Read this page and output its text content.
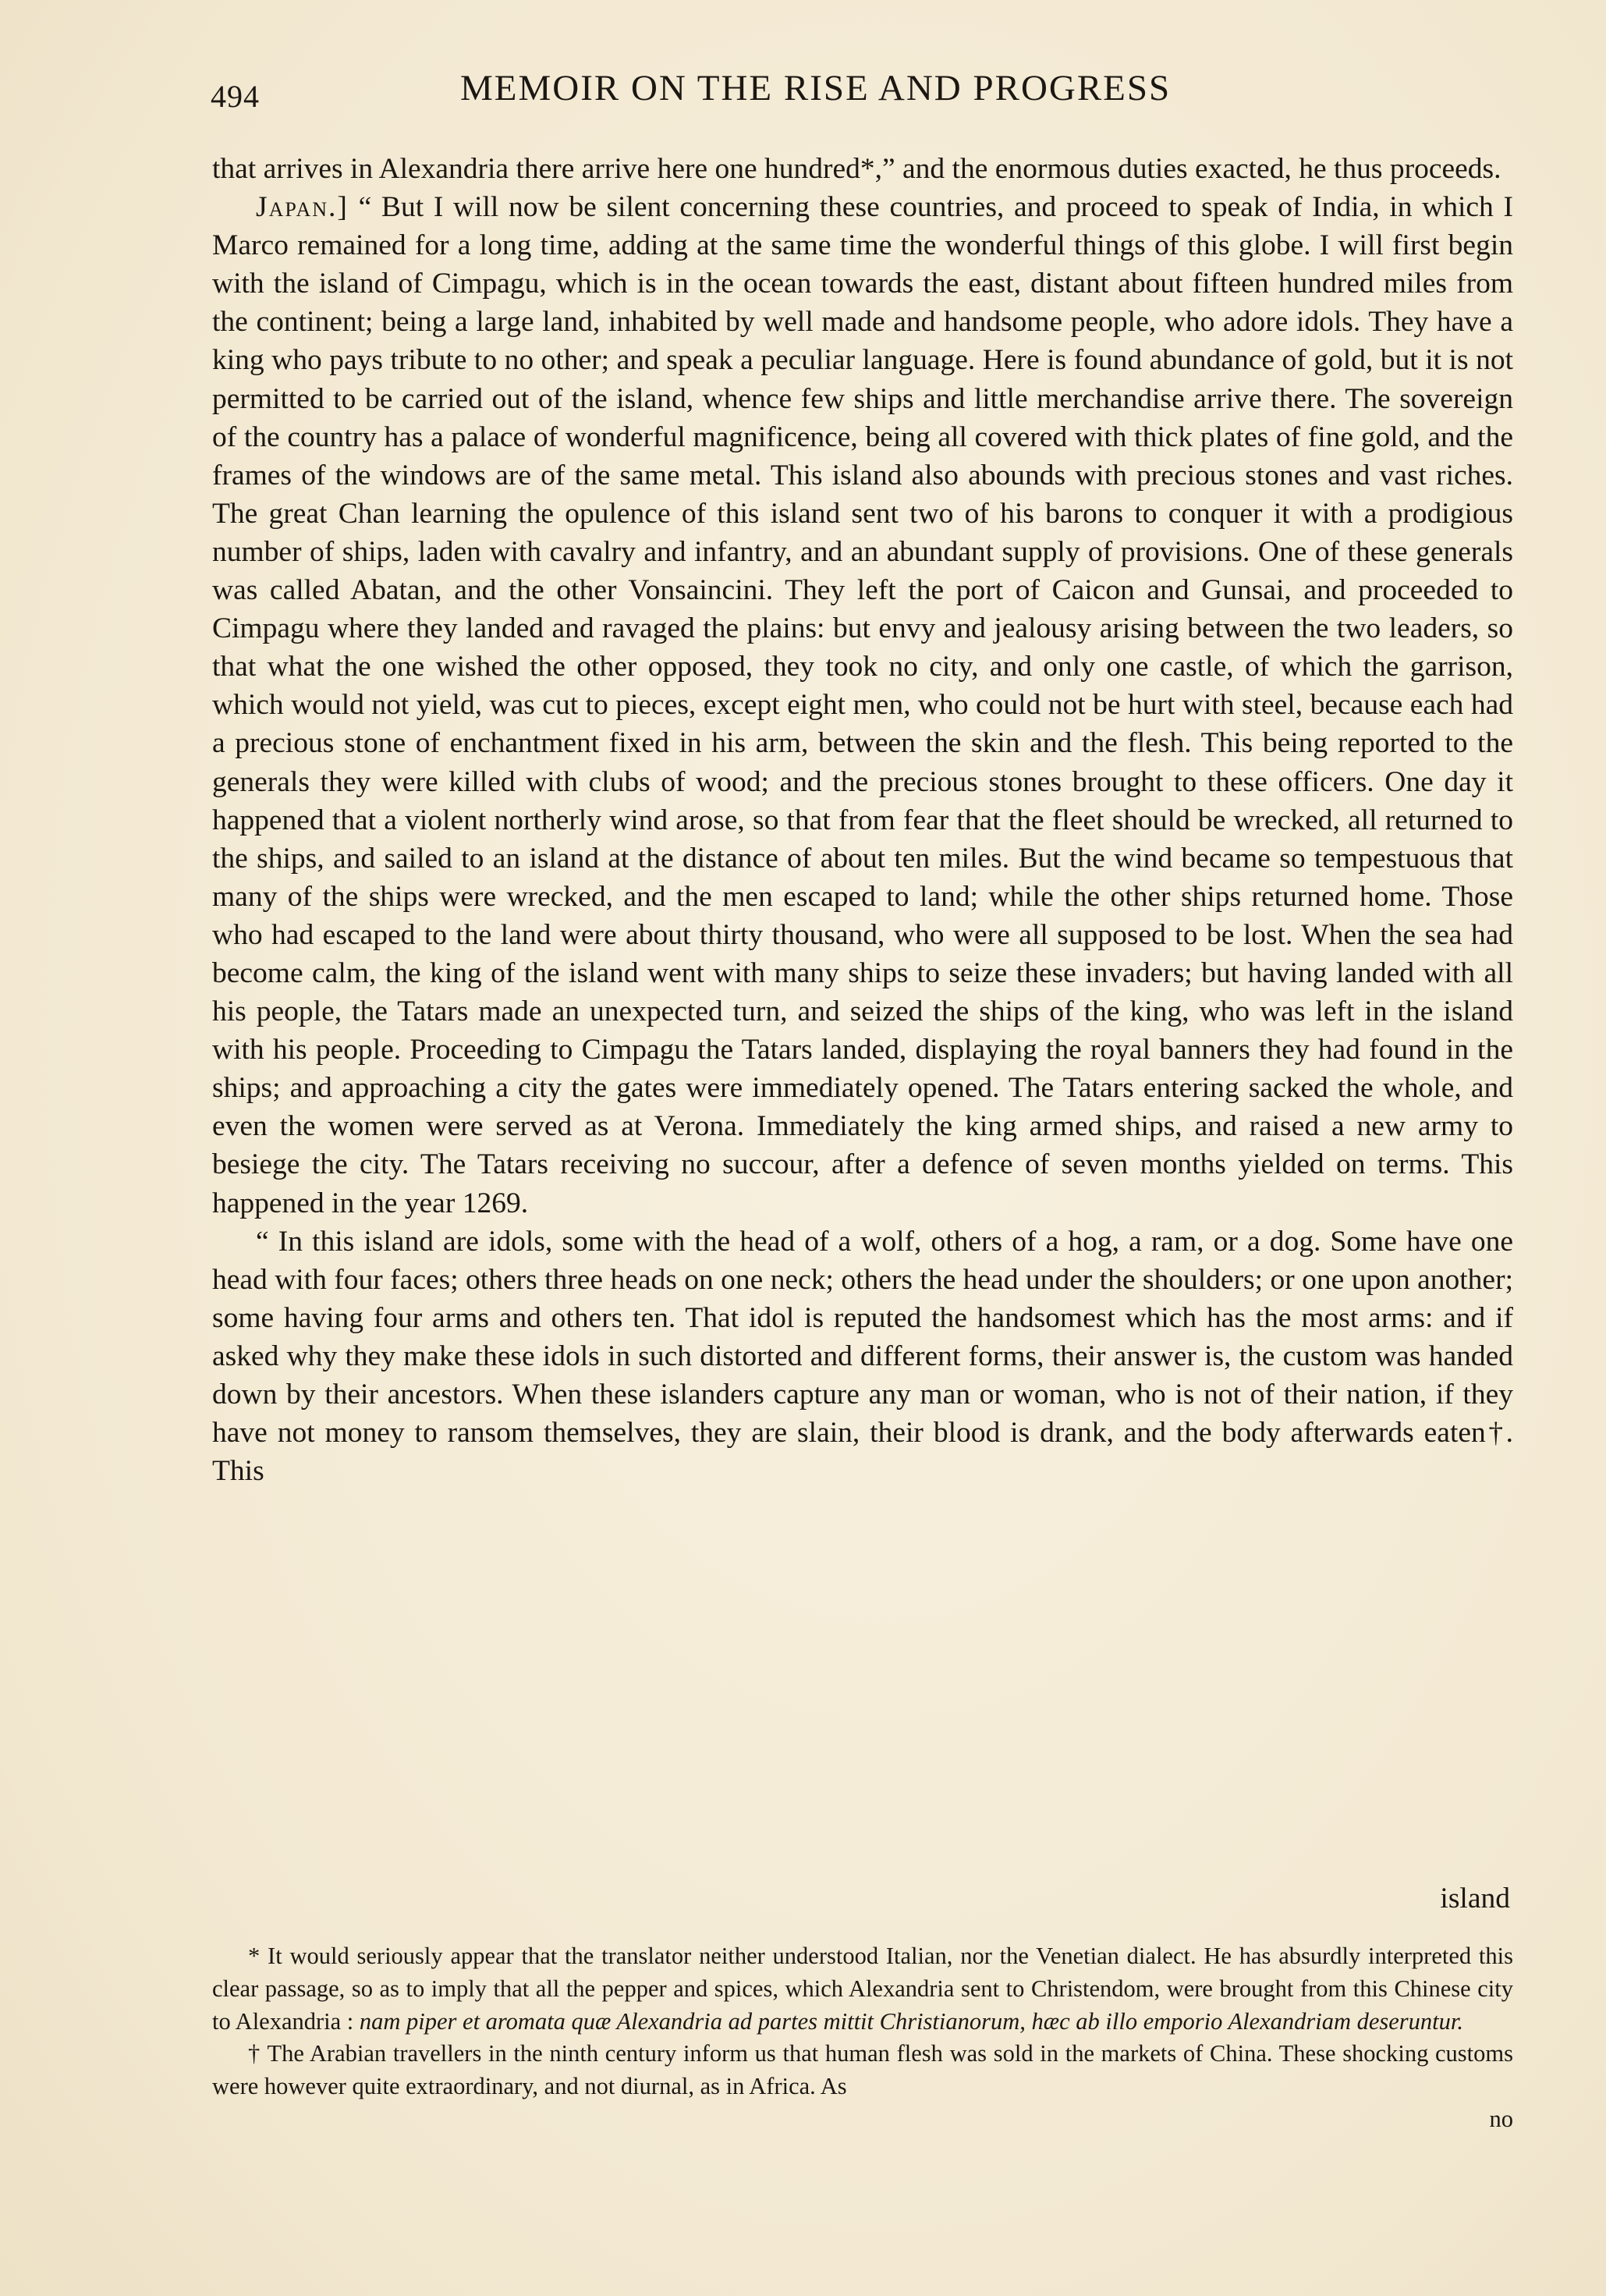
494	MEMOIR ON THE RISE AND PROGRESS

that arrives in Alexandria there arrive here one hundred*,” and the enormous duties exacted, he thus proceeds.

Japan.] “ But I will now be silent concerning these countries, and proceed to speak of India, in which I Marco remained for a long time, adding at the same time the wonderful things of this globe. I will first begin with the island of Cimpagu, which is in the ocean towards the east, distant about fifteen hundred miles from the continent; being a large land, inhabited by well made and handsome people, who adore idols. They have a king who pays tribute to no other; and speak a peculiar language. Here is found abundance of gold, but it is not permitted to be carried out of the island, whence few ships and little merchandise arrive there. The sovereign of the country has a palace of wonderful magnificence, being all covered with thick plates of fine gold, and the frames of the windows are of the same metal. This island also abounds with precious stones and vast riches. The great Chan learning the opulence of this island sent two of his barons to conquer it with a prodigious number of ships, laden with cavalry and infantry, and an abundant supply of provisions. One of these generals was called Abatan, and the other Vonsaincini. They left the port of Caicon and Gunsai, and proceeded to Cimpagu where they landed and ravaged the plains: but envy and jealousy arising between the two leaders, so that what the one wished the other opposed, they took no city, and only one castle, of which the garrison, which would not yield, was cut to pieces, except eight men, who could not be hurt with steel, because each had a precious stone of enchantment fixed in his arm, between the skin and the flesh. This being reported to the generals they were killed with clubs of wood; and the precious stones brought to these officers. One day it happened that a violent northerly wind arose, so that from fear that the fleet should be wrecked, all returned to the ships, and sailed to an island at the distance of about ten miles. But the wind became so tempestuous that many of the ships were wrecked, and the men escaped to land; while the other ships returned home. Those who had escaped to the land were about thirty thousand, who were all supposed to be lost. When the sea had become calm, the king of the island went with many ships to seize these invaders; but having landed with all his people, the Tatars made an unexpected turn, and seized the ships of the king, who was left in the island with his people. Proceeding to Cimpagu the Tatars landed, displaying the royal banners they had found in the ships; and approaching a city the gates were immediately opened. The Tatars entering sacked the whole, and even the women were served as at Verona. Immediately the king armed ships, and raised a new army to besiege the city. The Tatars receiving no succour, after a defence of seven months yielded on terms. This happened in the year 1269.

“ In this island are idols, some with the head of a wolf, others of a hog, a ram, or a dog. Some have one head with four faces; others three heads on one neck; others the head under the shoulders; or one upon another; some having four arms and others ten. That idol is reputed the handsomest which has the most arms: and if asked why they make these idols in such distorted and different forms, their answer is, the custom was handed down by their ancestors. When these islanders capture any man or woman, who is not of their nation, if they have not money to ransom themselves, they are slain, their blood is drank, and the body afterwards eaten†. This

island

* It would seriously appear that the translator neither understood Italian, nor the Venetian dialect. He has absurdly interpreted this clear passage, so as to imply that all the pepper and spices, which Alexandria sent to Christendom, were brought from this Chinese city to Alexandria : nam piper et aromata quæ Alexandria ad partes mittit Christianorum, hæc ab illo emporio Alexandriam deseruntur.

† The Arabian travellers in the ninth century inform us that human flesh was sold in the markets of China. These shocking customs were however quite extraordinary, and not diurnal, as in Africa. As

no
